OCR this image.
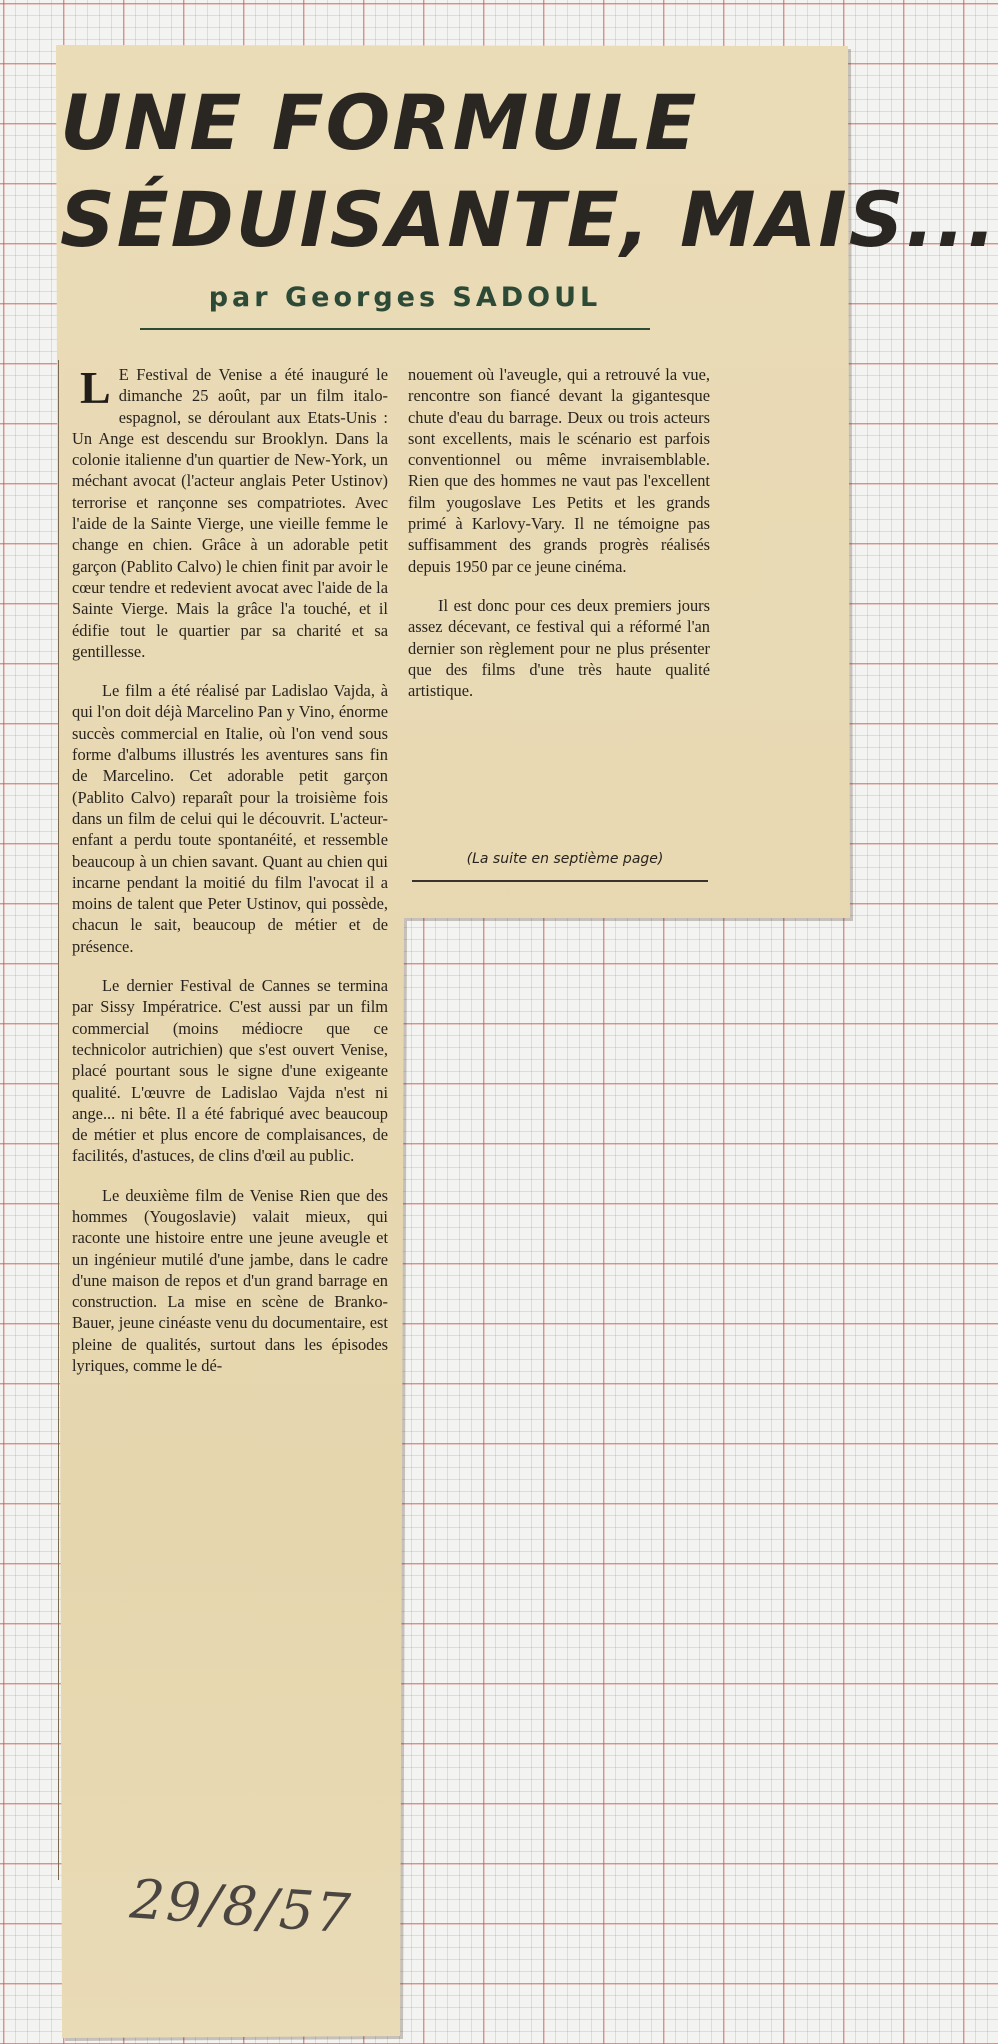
UNE FORMULE
SÉDUISANTE, MAIS...
par Georges SADOUL

L E Festival de Venise a été inauguré le dimanche 25 août, par un film italo-espagnol, se déroulant aux Etats-Unis : Un Ange est descendu sur Brooklyn. Dans la colonie italienne d'un quartier de New-York, un méchant avocat (l'acteur anglais Peter Ustinov) terrorise et rançonne ses compatriotes. Avec l'aide de la Sainte Vierge, une vieille femme le change en chien. Grâce à un adorable petit garçon (Pablito Calvo) le chien finit par avoir le cœur tendre et redevient avocat avec l'aide de la Sainte Vierge. Mais la grâce l'a touché, et il édifie tout le quartier par sa charité et sa gentillesse.

Le film a été réalisé par Ladislao Vajda, à qui l'on doit déjà Marcelino Pan y Vino, énorme succès commercial en Italie, où l'on vend sous forme d'albums illustrés les aventures sans fin de Marcelino. Cet adorable petit garçon (Pablito Calvo) reparaît pour la troisième fois dans un film de celui qui le découvrit. L'acteur-enfant a perdu toute spontanéité, et ressemble beaucoup à un chien savant. Quant au chien qui incarne pendant la moitié du film l'avocat il a moins de talent que Peter Ustinov, qui possède, chacun le sait, beaucoup de métier et de présence.

Le dernier Festival de Cannes se termina par Sissy Impératrice. C'est aussi par un film commercial (moins médiocre que ce technicolor autrichien) que s'est ouvert Venise, placé pourtant sous le signe d'une exigeante qualité. L'œuvre de Ladislao Vajda n'est ni ange... ni bête. Il a été fabriqué avec beaucoup de métier et plus encore de complaisances, de facilités, d'astuces, de clins d'œil au public.

Le deuxième film de Venise Rien que des hommes (Yougoslavie) valait mieux, qui raconte une histoire entre une jeune aveugle et un ingénieur mutilé d'une jambe, dans le cadre d'une maison de repos et d'un grand barrage en construction. La mise en scène de Branko-Bauer, jeune cinéaste venu du documentaire, est pleine de qualités, surtout dans les épisodes lyriques, comme le dé-

nouement où l'aveugle, qui a retrouvé la vue, rencontre son fiancé devant la gigantesque chute d'eau du barrage. Deux ou trois acteurs sont excellents, mais le scénario est parfois conventionnel ou même invraisemblable. Rien que des hommes ne vaut pas l'excellent film yougoslave Les Petits et les grands primé à Karlovy-Vary. Il ne témoigne pas suffisamment des grands progrès réalisés depuis 1950 par ce jeune cinéma.

Il est donc pour ces deux premiers jours assez décevant, ce festival qui a réformé l'an dernier son règlement pour ne plus présenter que des films d'une très haute qualité artistique.

(La suite en septième page)
29/8/57
